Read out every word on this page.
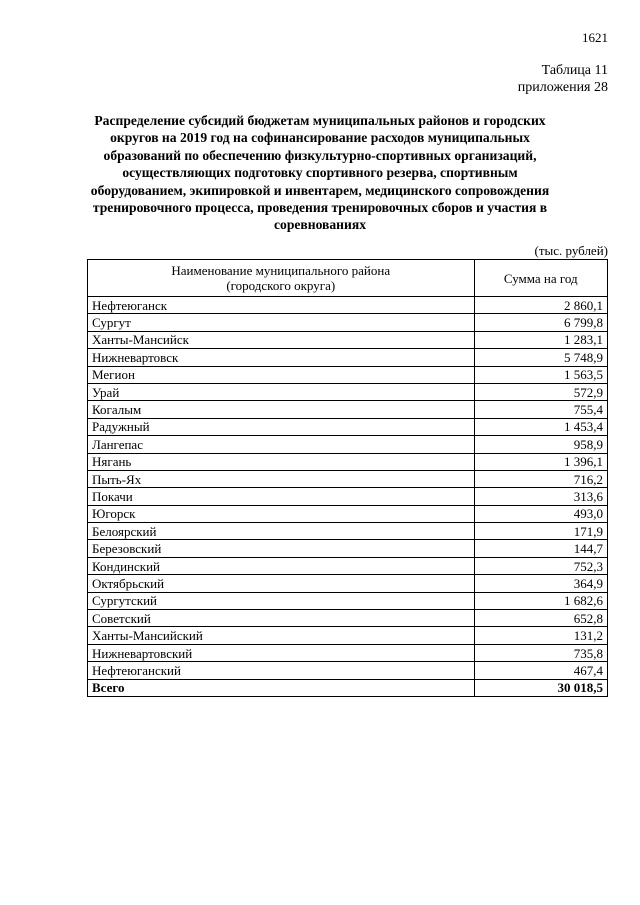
1621
Таблица 11
приложения 28
Распределение субсидий бюджетам муниципальных районов и городских округов на 2019 год на софинансирование расходов муниципальных образований по обеспечению физкультурно-спортивных организаций, осуществляющих подготовку спортивного резерва, спортивным оборудованием, экипировкой и инвентарем, медицинского сопровождения тренировочного процесса, проведения тренировочных сборов и участия в соревнованиях
(тыс. рублей)
Наименование муниципального района
(городского округа)	Сумма на год
Нефтеюганск	2 860,1
Сургут	6 799,8
Ханты-Мансийск	1 283,1
Нижневартовск	5 748,9
Мегион	1 563,5
Урай	572,9
Когалым	755,4
Радужный	1 453,4
Лангепас	958,9
Нягань	1 396,1
Пыть-Ях	716,2
Покачи	313,6
Югорск	493,0
Белоярский	171,9
Березовский	144,7
Кондинский	752,3
Октябрьский	364,9
Сургутский	1 682,6
Советский	652,8
Ханты-Мансийский	131,2
Нижневартовский	735,8
Нефтеюганский	467,4
Всего	30 018,5
